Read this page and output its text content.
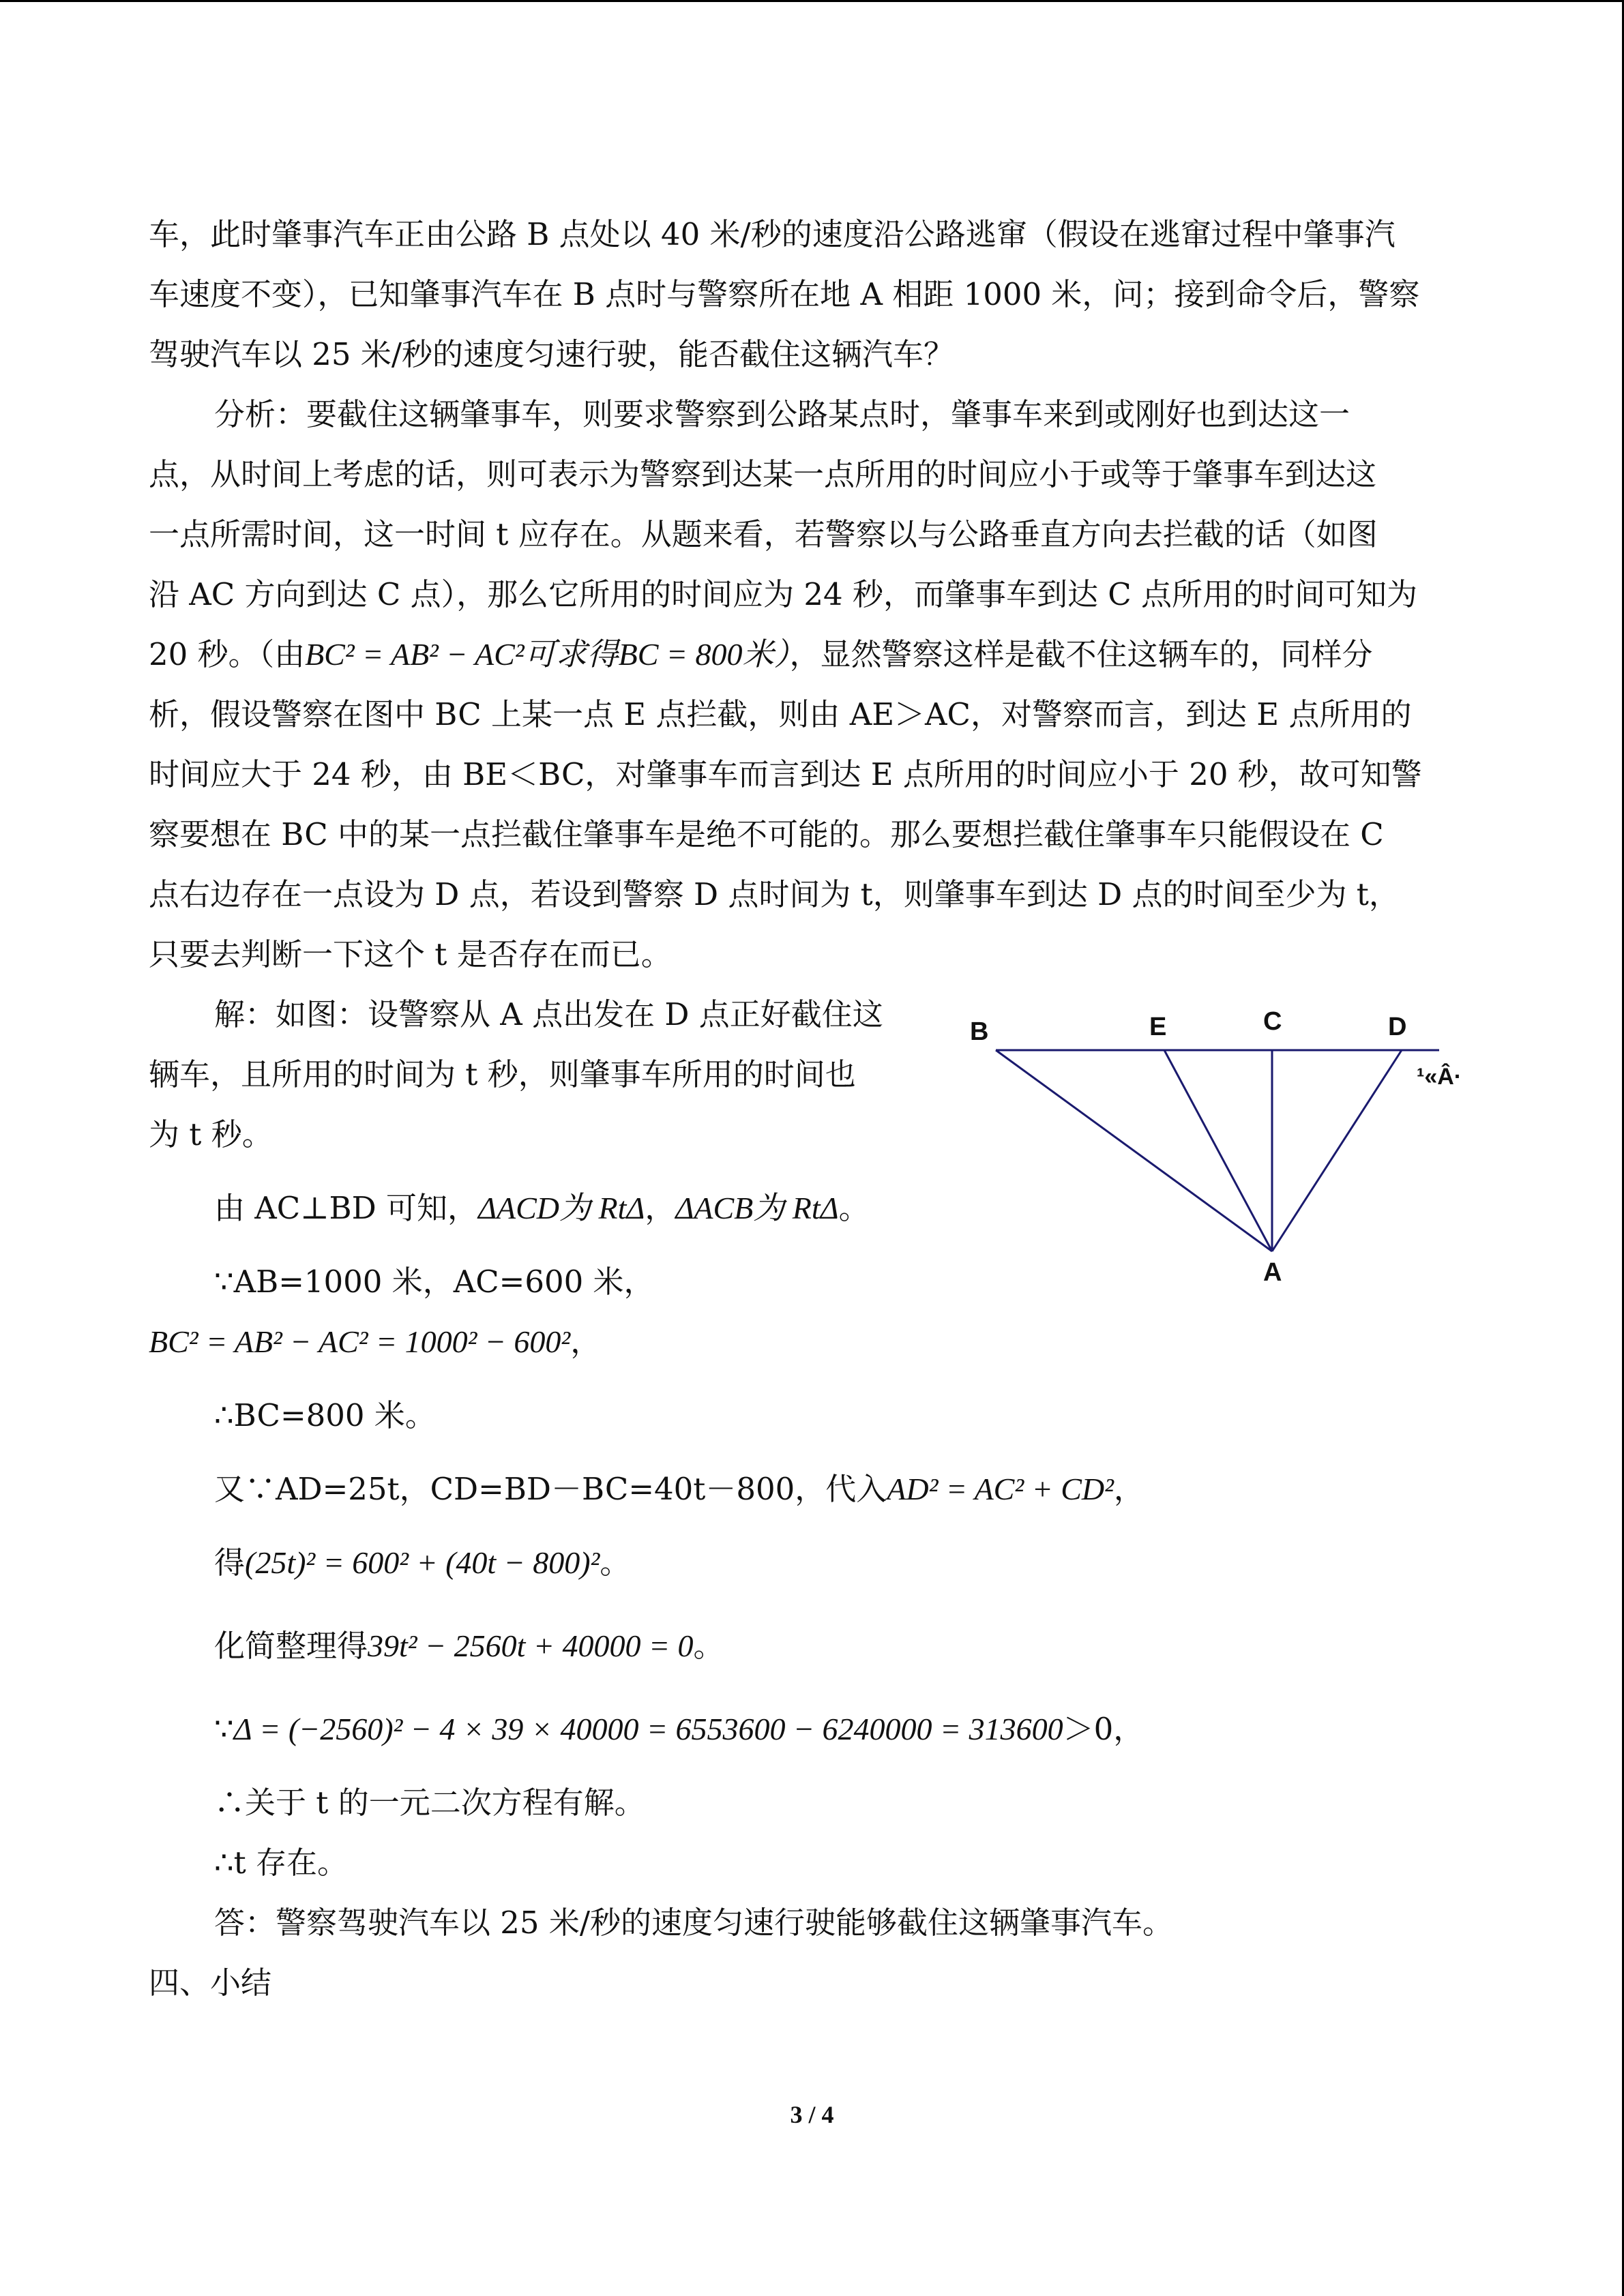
车，此时肇事汽车正由公路 B 点处以 40 米/秒的速度沿公路逃窜（假设在逃窜过程中肇事汽
车速度不变），已知肇事汽车在 B 点时与警察所在地 A 相距 1000 米，问；接到命令后，警察
驾驶汽车以 25 米/秒的速度匀速行驶，能否截住这辆汽车？

分析：要截住这辆肇事车，则要求警察到公路某点时，肇事车来到或刚好也到达这一
点，从时间上考虑的话，则可表示为警察到达某一点所用的时间应小于或等于肇事车到达这
一点所需时间，这一时间 t 应存在。从题来看，若警察以与公路垂直方向去拦截的话（如图
沿 AC 方向到达 C 点），那么它所用的时间应为 24 秒，而肇事车到达 C 点所用的时间可知为
20 秒。（由BC² = AB² − AC²可求得BC = 800米），显然警察这样是截不住这辆车的，同样分
析，假设警察在图中 BC 上某一点 E 点拦截，则由 AE＞AC，对警察而言，到达 E 点所用的
时间应大于 24 秒，由 BE＜BC，对肇事车而言到达 E 点所用的时间应小于 20 秒，故可知警
察要想在 BC 中的某一点拦截住肇事车是绝不可能的。那么要想拦截住肇事车只能假设在 C
点右边存在一点设为 D 点，若设到警察 D 点时间为 t，则肇事车到达 D 点的时间至少为 t，
只要去判断一下这个 t 是否存在而已。

解：如图：设警察从 A 点出发在 D 点正好截住这
辆车，且所用的时间为 t 秒，则肇事车所用的时间也
为 t 秒。

由 AC⊥BD 可知，ΔACD为 RtΔ，ΔACB为 RtΔ。

∵AB=1000 米，AC=600 米，

BC² = AB² − AC² = 1000² − 600²，

∴BC=800 米。

又∵AD=25t，CD=BD－BC=40t－800，代入AD² = AC² + CD²，

得(25t)² = 600² + (40t − 800)²。

化简整理得39t² − 2560t + 40000 = 0。

∵Δ = (−2560)² − 4 × 39 × 40000 = 6553600 − 6240000 = 313600＞0，

∴关于 t 的一元二次方程有解。

∴t 存在。

答：警察驾驶汽车以 25 米/秒的速度匀速行驶能够截住这辆肇事汽车。

四、小结

B	E	C	D
¹«Â·
A
3 / 4
